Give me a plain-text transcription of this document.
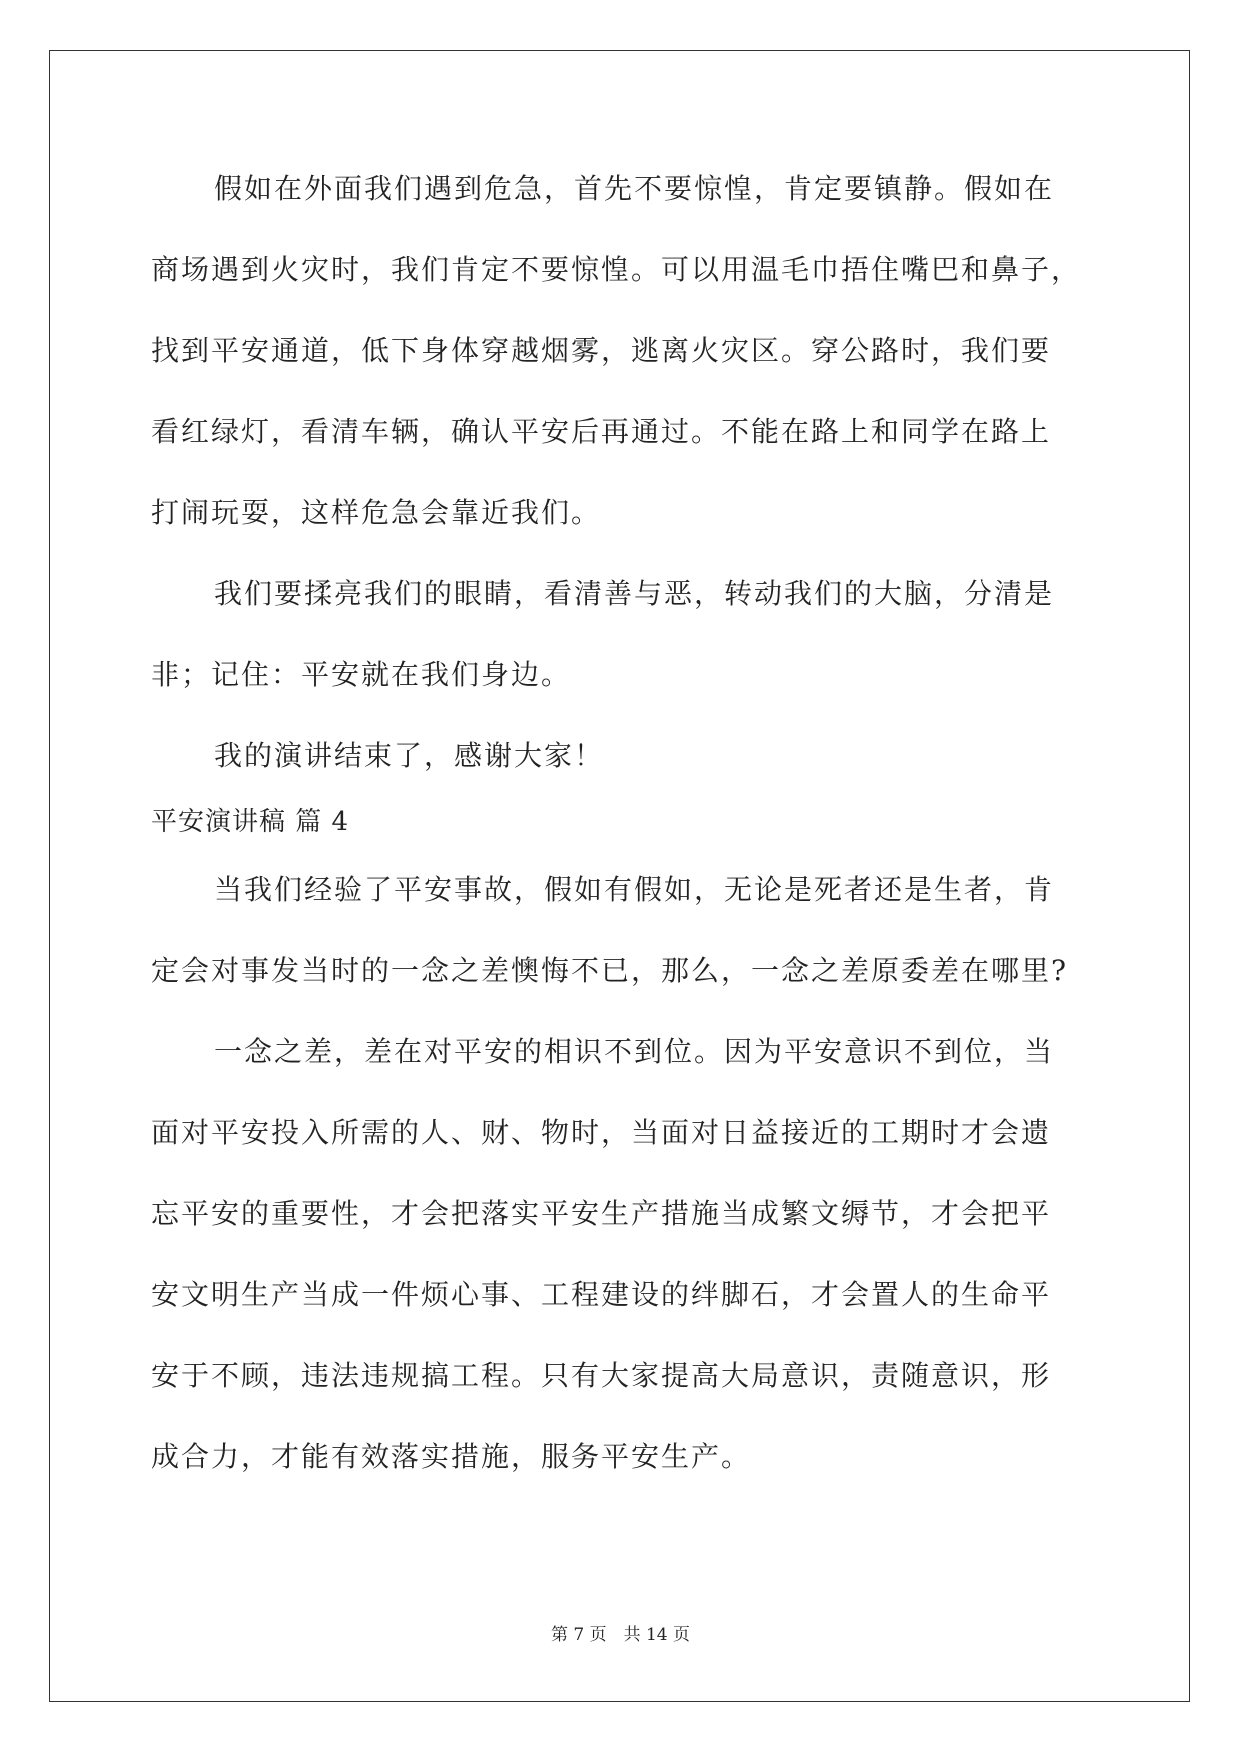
假如在外面我们遇到危急，首先不要惊惶，肯定要镇静。假如在
商场遇到火灾时，我们肯定不要惊惶。可以用温毛巾捂住嘴巴和鼻子，
找到平安通道，低下身体穿越烟雾，逃离火灾区。穿公路时，我们要
看红绿灯，看清车辆，确认平安后再通过。不能在路上和同学在路上
打闹玩耍，这样危急会靠近我们。
我们要揉亮我们的眼睛，看清善与恶，转动我们的大脑，分清是
非；记住：平安就在我们身边。
我的演讲结束了，感谢大家！
平安演讲稿 篇 4
当我们经验了平安事故，假如有假如，无论是死者还是生者，肯
定会对事发当时的一念之差懊悔不已，那么，一念之差原委差在哪里?
一念之差，差在对平安的相识不到位。因为平安意识不到位，当
面对平安投入所需的人、财、物时，当面对日益接近的工期时才会遗
忘平安的重要性，才会把落实平安生产措施当成繁文缛节，才会把平
安文明生产当成一件烦心事、工程建设的绊脚石，才会置人的生命平
安于不顾，违法违规搞工程。只有大家提高大局意识，责随意识，形
成合力，才能有效落实措施，服务平安生产。
第 7 页　共 14 页
